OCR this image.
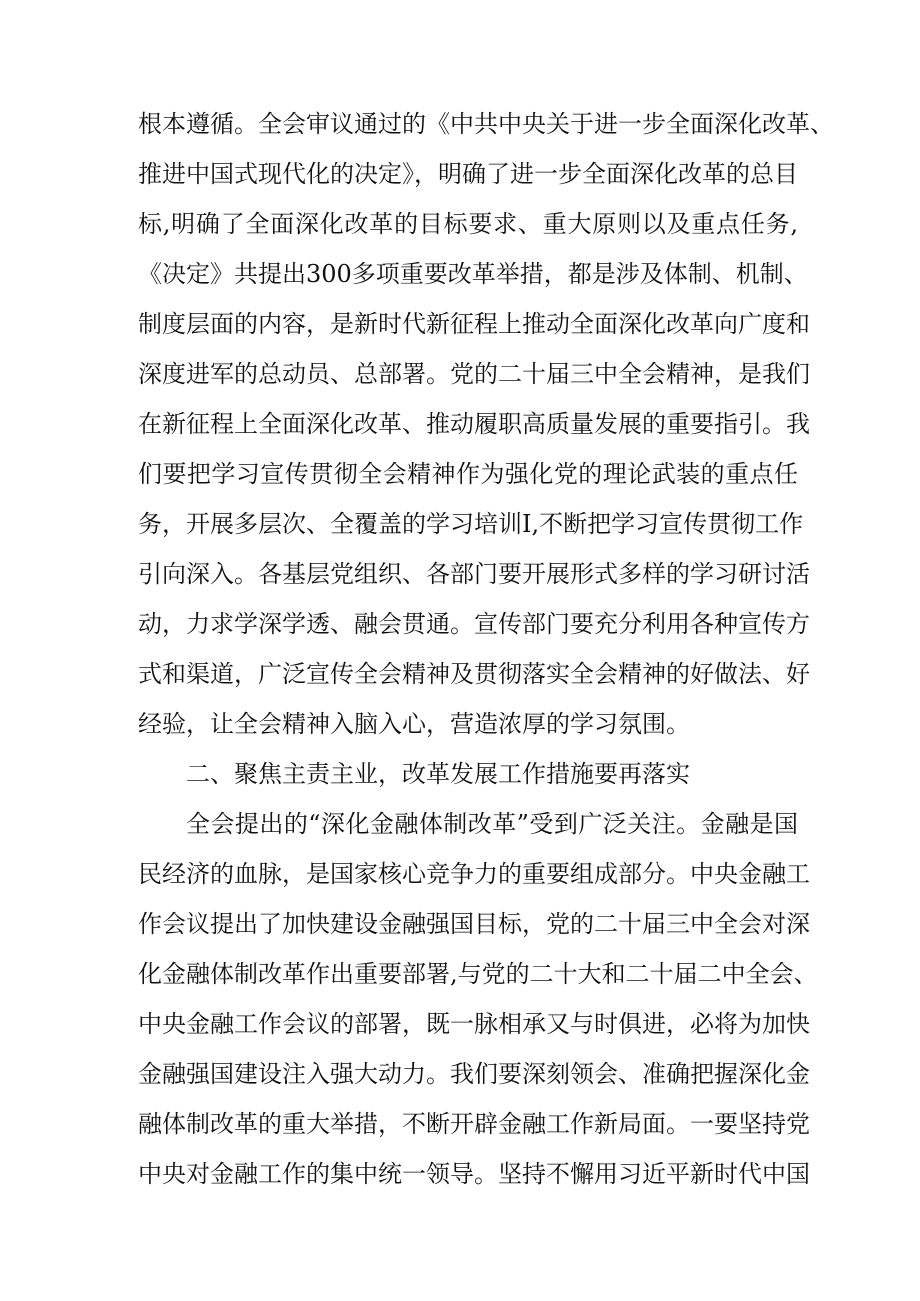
根本遵循。全会审议通过的《中共中央关于进一步全面深化改革、
推进中国式现代化的决定》，明确了进一步全面深化改革的总目
标,明确了全面深化改革的目标要求、重大原则以及重点任务,
《决定》共提出300多项重要改革举措，都是涉及体制、机制、
制度层面的内容，是新时代新征程上推动全面深化改革向广度和
深度进军的总动员、总部署。党的二十届三中全会精神，是我们
在新征程上全面深化改革、推动履职高质量发展的重要指引。我
们要把学习宣传贯彻全会精神作为强化党的理论武装的重点任
务，开展多层次、全覆盖的学习培训I,不断把学习宣传贯彻工作
引向深入。各基层党组织、各部门要开展形式多样的学习研讨活
动，力求学深学透、融会贯通。宣传部门要充分利用各种宣传方
式和渠道，广泛宣传全会精神及贯彻落实全会精神的好做法、好
经验，让全会精神入脑入心，营造浓厚的学习氛围。
二、聚焦主责主业，改革发展工作措施要再落实
全会提出的“深化金融体制改革”受到广泛关注。金融是国
民经济的血脉，是国家核心竞争力的重要组成部分。中央金融工
作会议提出了加快建设金融强国目标，党的二十届三中全会对深
化金融体制改革作出重要部署,与党的二十大和二十届二中全会、
中央金融工作会议的部署，既一脉相承又与时俱进，必将为加快
金融强国建设注入强大动力。我们要深刻领会、准确把握深化金
融体制改革的重大举措，不断开辟金融工作新局面。一要坚持党
中央对金融工作的集中统一领导。坚持不懈用习近平新时代中国
